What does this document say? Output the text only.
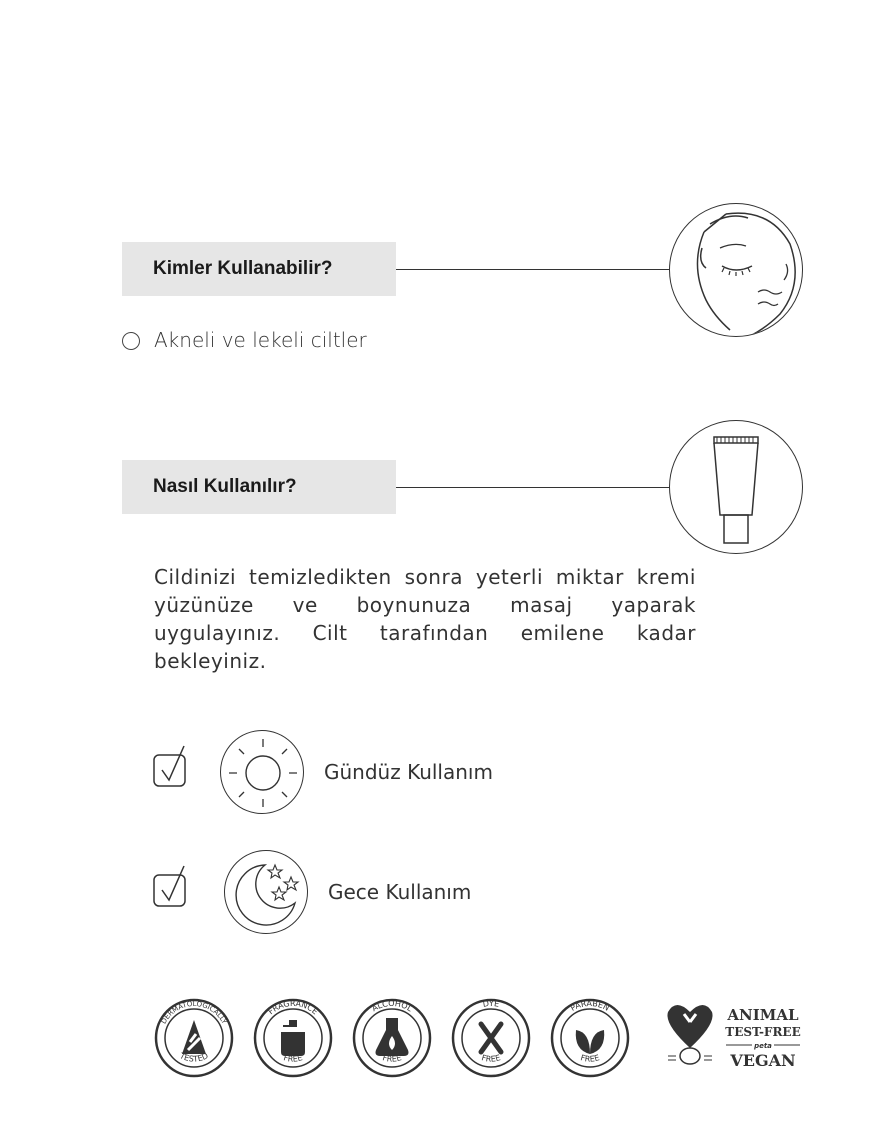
Kimler Kullanabilir?
Akneli ve lekeli ciltler
Nasıl Kullanılır?
Cildinizi temizledikten sonra yeterli miktar kremi yüzünüze ve boynunuza masaj yaparak uygulayınız. Cilt tarafından emilene kadar bekleyiniz.
Gündüz Kullanım
Gece Kullanım
DERMATOLOGICALLY
TESTED
FRAGRANCE
FREE
ALCOHOL
FREE
DYE
FREE
PARABEN
FREE
ANIMAL
TEST-FREE
peta
VEGAN
